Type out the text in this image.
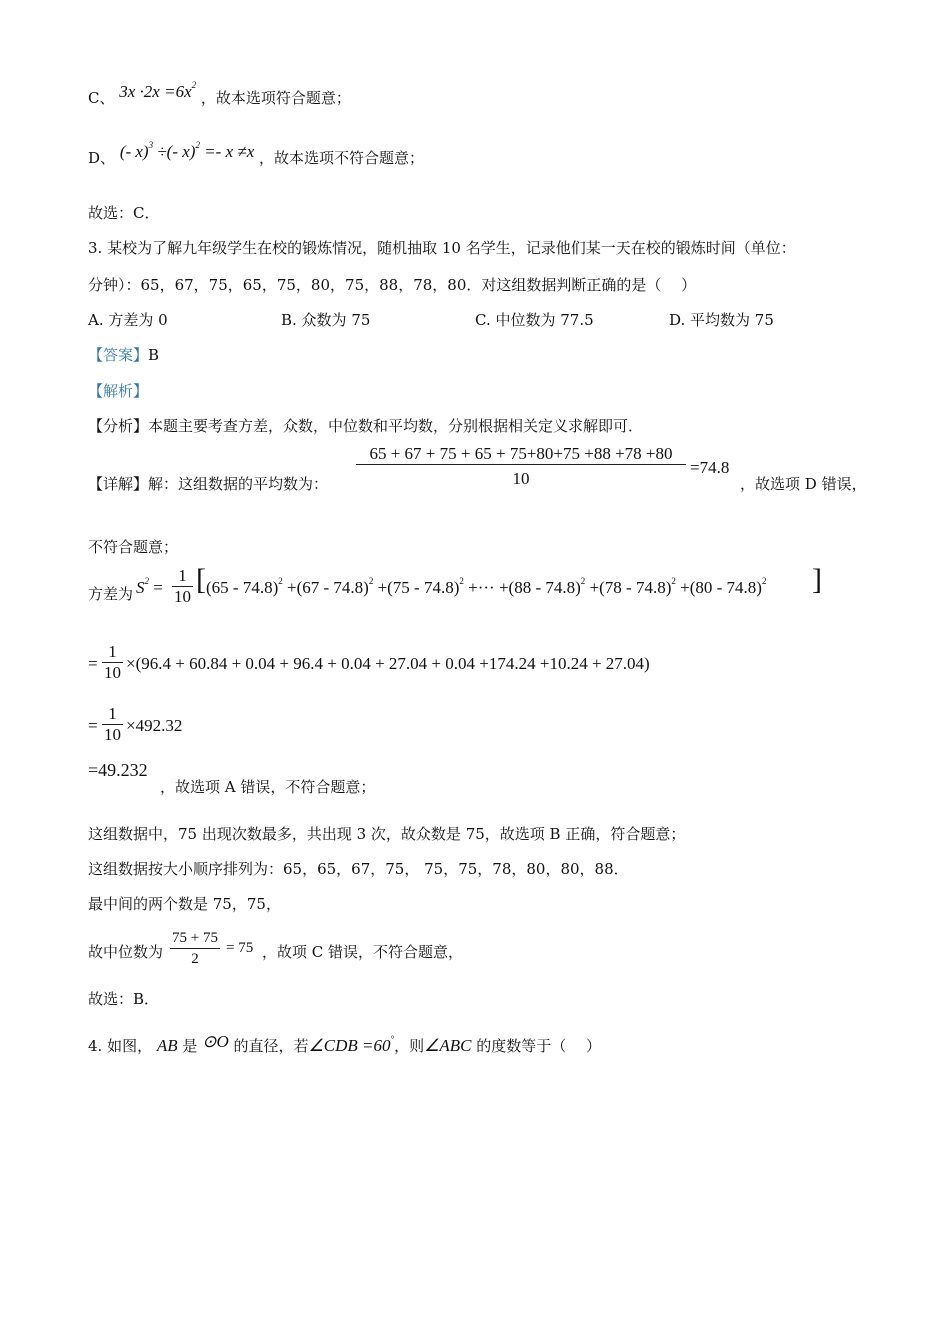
C、 $3x \cdot 2x =6x^2$ ，故本选项符合题意；
D、 (- x)$^3$ ÷(- x)$^2$ =- x ≠x ，故本选项不符合题意；
故选：C．
3. 某校为了解九年级学生在校的锻炼情况，随机抽取 10 名学生，记录他们某一天在校的锻炼时间（单位：
分钟）：65，67，75，65，75，80，75，88，78，80．对这组数据判断正确的是（　 ）
A. 方差为 0	B. 众数为 75	C. 中位数为 77.5	D. 平均数为 75
【答案】B
【解析】
【分析】本题主要考查方差，众数，中位数和平均数，分别根据相关定义求解即可．
【详解】解：这组数据的平均数为： $\frac{65 + 67 + 75 + 65 + 75+80+75 +88 +78 +80}{10} =74.8$
，故选项 D 错误，
不符合题意；
方差为 $S^2 = \frac{1}{10}$ [ (65 - 74.8)$^2$ +(67 - 74.8)$^2$ +(75 - 74.8)$^2$ +··· +(88 - 74.8)$^2$ +(78 - 74.8)$^2$ +(80 - 74.8)$^2$ ]
= $\frac{1}{10} \times(96.4 + 60.84 + 0.04 + 96.4 + 0.04 + 27.04 + 0.04 +174.24 +10.24 + 27.04)$
= $\frac{1}{10} \times 492.32$
=49.232
，故选项 A 错误，不符合题意；
这组数据中，75 出现次数最多，共出现 3 次，故众数是 75，故选项 B 正确，符合题意；
这组数据按大小顺序排列为：65，65，67，75， 75，75，78，80，80，88．
最中间的两个数是 75，75，
故中位数为 $\frac{75 + 75}{2} = 75$ ，故项 C 错误，不符合题意，
故选：B．
4. 如图， AB 是 ⊙O 的直径，若∠CDB =60°，则∠ABC 的度数等于（　 ）
